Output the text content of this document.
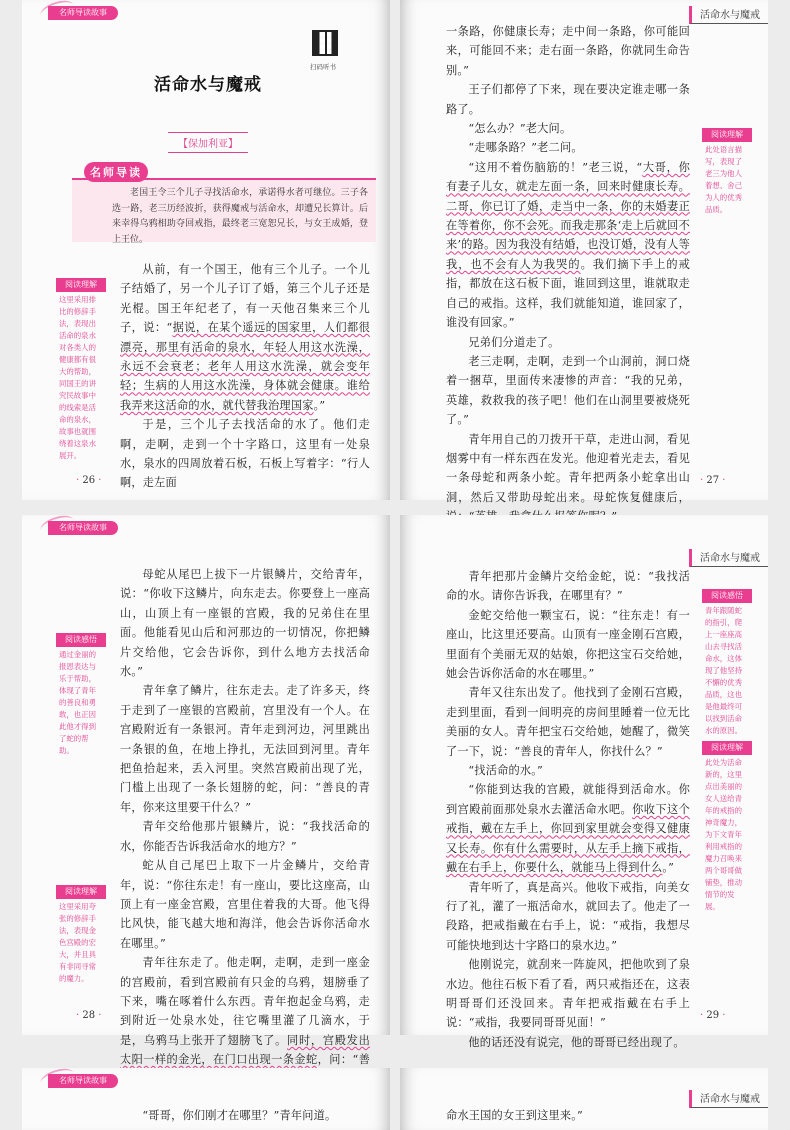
名师导读故事
扫码听书
活命水与魔戒
【保加利亚】
名师导读
老国王令三个儿子寻找活命水，承诺得水者可继位。三子各选一路，老三历经波折，获得魔戒与活命水，却遭兄长算计。后来幸得乌鸦相助夺回戒指，最终老三宽恕兄长，与女王成婚，登上王位。
阅读理解
这里采用排比的修辞手法，表现出活命的泉水对各类人的健康都有很大的帮助，同国王的讲究民故事中的线索是活命的泉水，故事也就围绕着这泉水展开。

从前，有一个国王，他有三个儿子。一个儿子结婚了，另一个儿子订了婚，第三个儿子还是光棍。国王年纪老了，有一天他召集来三个儿子，说：“据说，在某个遥远的国家里，人们都很漂亮，那里有活命的泉水，年轻人用这水洗澡，永远不会衰老；老年人用这水洗澡，就会变年轻；生病的人用这水洗澡，身体就会健康。谁给我弄来这活命的水，就代替我治理国家。”

于是，三个儿子去找活命的水了。他们走啊，走啊，走到一个十字路口，这里有一处泉水，泉水的四周放着石板，石板上写着字：“行人啊，走左面

· 26 ·
活命水与魔戒

一条路，你健康长寿；走中间一条路，你可能回来，可能回不来；走右面一条路，你就同生命告别。”

王子们都停了下来，现在要决定谁走哪一条路了。

“怎么办？”老大问。

“走哪条路？”老二问。

“这用不着伤脑筋的！”老三说，“大哥，你有妻子儿女，就走左面一条，回来时健康长寿。二哥，你已订了婚，走当中一条，你的未婚妻正在等着你，你不会死。而我走那条‘走上后就回不来’的路。因为我没有结婚，也没订婚，没有人等我，也不会有人为我哭的。我们摘下手上的戒指，都放在这石板下面，谁回到这里，谁就取走自己的戒指。这样，我们就能知道，谁回家了，谁没有回家。”

兄弟们分道走了。

老三走啊，走啊，走到一个山洞前，洞口烧着一捆草，里面传来凄惨的声音：“我的兄弟，英雄，救救我的孩子吧！他们在山洞里要被烧死了。”

青年用自己的刀拨开干草，走进山洞，看见烟雾中有一样东西在发光。他迎着光走去，看见一条母蛇和两条小蛇。青年把两条小蛇拿出山洞，然后又带助母蛇出来。母蛇恢复健康后，

阅读理解
此处语言描写，表现了老三为他人着想、舍己为人的优秀品质。
· 27 ·
名师导读故事
阅读感悟
通过金丽的报恩表达与乐于帮助，体现了青年的善良和勇敢，也正因此他才得到了蛇的帮助。
阅读理解
这里采用夸张的修辞手法，表现金色宫殿的宏大，并且具有非同寻常的魔力。

母蛇从尾巴上拔下一片银鳞片，交给青年，说：“你收下这鳞片，向东走去。你要登上一座高山，山顶上有一座银的宫殿，我的兄弟住在里面。他能看见山后和河那边的一切情况，你把鳞片交给他，它会告诉你，到什么地方去找活命水。”

青年拿了鳞片，往东走去。走了许多天，终于走到了一座银的宫殿前，宫里没有一个人。在宫殿附近有一条银河。青年走到河边，河里跳出一条银的鱼，在地上挣扎，无法回到河里。青年把鱼拾起来，丢入河里。突然宫殿前出现了光，门槛上出现了一条长翅膀的蛇，问：“善良的青年，你来这里要干什么？”

青年交给他那片银鳞片，说：“我找活命的水，你能否告诉我活命水的地方？”

蛇从自己尾巴上取下一片金鳞片，交给青年，说：“你往东走！有一座山，要比这座高，山顶上有一座金宫殿，宫里住着我的大哥。他飞得比风快，能飞越大地和海洋，他会告诉你活命水在哪里。”

青年往东走了。他走啊，走啊，走到一座金的宫殿前，看到宫殿前有只金的乌鸦，翅膀垂了下来，嘴在啄着什么东西。青年抱起金乌鸦，走到附近一处泉水处，往它嘴里灌了几滴水，于是，乌鸦马上张开了翅膀飞了。同时，宫殿发出太阳一样的金光，在门口出现一条金蛇，问：“善

· 28 ·
活命水与魔戒

青年把那片金鳞片交给金蛇，说：“我找活命的水。请你告诉我，在哪里有？”

金蛇交给他一颗宝石，说：“往东走！有一座山，比这里还要高。山顶有一座金刚石宫殿，里面有个美丽无双的姑娘，你把这宝石交给她，她会告诉你活命的水在哪里。”

青年又往东出发了。他找到了金刚石宫殿，走到里面，看到一间明亮的房间里睡着一位无比美丽的女人。青年把宝石交给她，她醒了，微笑了一下，说：“善良的青年人，你找什么？”

“找活命的水。”

“你能到达我的宫殿，就能得到活命水。你到宫殿前面那处泉水去灌活命水吧。你收下这个戒指，戴在左手上，你回到家里就会变得又健康又长寿。你有什么需要时，从左手上摘下戒指，戴在右手上，你要什么，就能马上得到什么。”

青年听了，真是高兴。他收下戒指，向美女行了礼，灌了一瓶活命水，就回去了。他走了一段路，把戒指戴在右手上，说：“戒指，我想尽可能快地到达十字路口的泉水边。”

他刚说完，就刮来一阵旋风，把他吹到了泉水边。他往石板下看了看，两只戒指还在，这表明哥哥们还没回来。青年把戒指戴在右手上说：“戒指，我要同哥哥见面！”

他的话还没有说完，他的哥哥已经出现了。

阅读感悟
青年跟随蛇的指引，爬上一座座高山去寻找活命水，这体现了他坚持不懈的优秀品质，这也是他最终可以找到活命水的原因。
阅读理解
此处为活命新的，这里点出美丽的女人送给青年的戒指的神奇魔力，为下文青年利用戒指的魔力召唤来两个哥哥做铺垫，推动情节的发展。
· 29 ·
名师导读故事

“哥哥，你们刚才在哪里？”青年问道。

活命水与魔戒

命水王国的女王到这里来。”
